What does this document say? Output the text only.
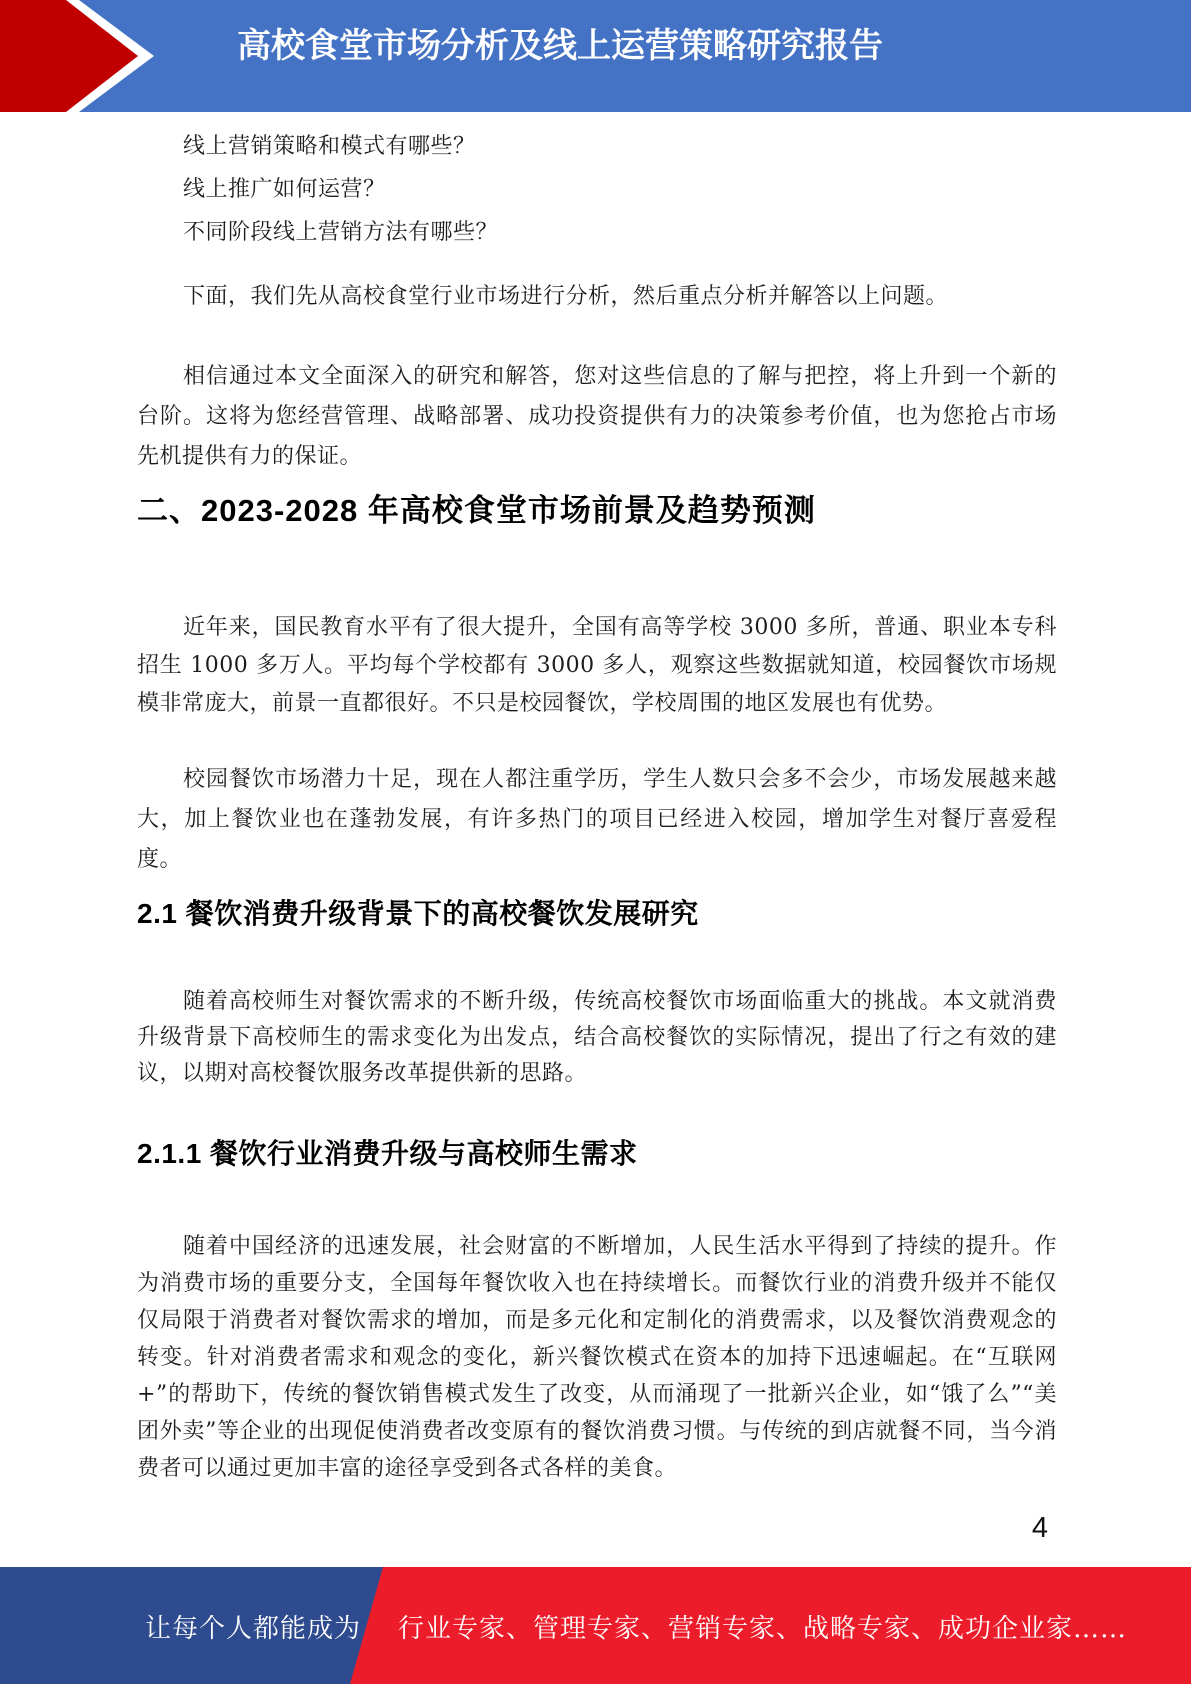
高校食堂市场分析及线上运营策略研究报告
线上营销策略和模式有哪些？
线上推广如何运营？
不同阶段线上营销方法有哪些？
下面，我们先从高校食堂行业市场进行分析，然后重点分析并解答以上问题。
相信通过本文全面深入的研究和解答，您对这些信息的了解与把控，将上升到一个新的台阶。这将为您经营管理、战略部署、成功投资提供有力的决策参考价值，也为您抢占市场先机提供有力的保证。
二、2023-2028 年高校食堂市场前景及趋势预测
近年来，国民教育水平有了很大提升，全国有高等学校 3000 多所，普通、职业本专科招生 1000 多万人。平均每个学校都有 3000 多人，观察这些数据就知道，校园餐饮市场规模非常庞大，前景一直都很好。不只是校园餐饮，学校周围的地区发展也有优势。
校园餐饮市场潜力十足，现在人都注重学历，学生人数只会多不会少，市场发展越来越大，加上餐饮业也在蓬勃发展，有许多热门的项目已经进入校园，增加学生对餐厅喜爱程度。
2.1 餐饮消费升级背景下的高校餐饮发展研究
随着高校师生对餐饮需求的不断升级，传统高校餐饮市场面临重大的挑战。本文就消费升级背景下高校师生的需求变化为出发点，结合高校餐饮的实际情况，提出了行之有效的建议，以期对高校餐饮服务改革提供新的思路。
2.1.1 餐饮行业消费升级与高校师生需求
随着中国经济的迅速发展，社会财富的不断增加，人民生活水平得到了持续的提升。作为消费市场的重要分支，全国每年餐饮收入也在持续增长。而餐饮行业的消费升级并不能仅仅局限于消费者对餐饮需求的增加，而是多元化和定制化的消费需求，以及餐饮消费观念的转变。针对消费者需求和观念的变化，新兴餐饮模式在资本的加持下迅速崛起。在“互联网+”的帮助下，传统的餐饮销售模式发生了改变，从而涌现了一批新兴企业，如“饿了么”“美团外卖”等企业的出现促使消费者改变原有的餐饮消费习惯。与传统的到店就餐不同，当今消费者可以通过更加丰富的途径享受到各式各样的美食。
4
让每个人都能成为 行业专家、管理专家、营销专家、战略专家、成功企业家……
